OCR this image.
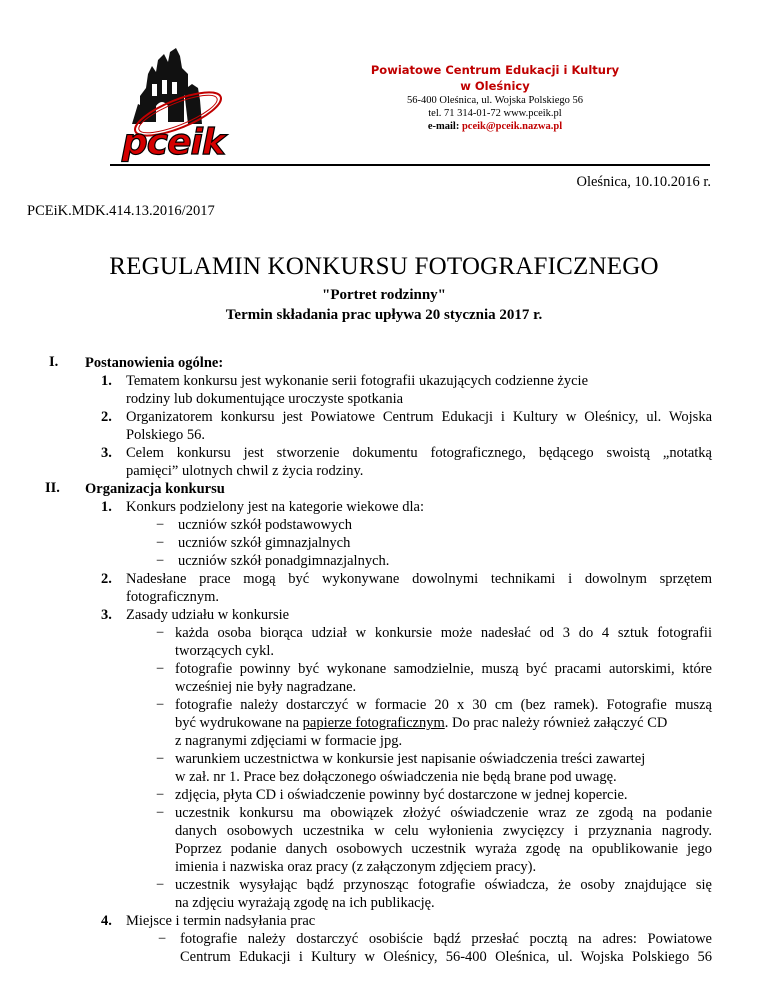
pceik
Powiatowe Centrum Edukacji i Kultury
w Oleśnicy
56-400 Oleśnica, ul. Wojska Polskiego 56
tel. 71 314-01-72 www.pceik.pl
e-mail: pceik@pceik.nazwa.pl
Oleśnica, 10.10.2016 r.
PCEiK.MDK.414.13.2016/2017
REGULAMIN KONKURSU FOTOGRAFICZNEGO
"Portret rodzinny"
Termin składania prac upływa 20 stycznia 2017 r.
I. Postanowienia ogólne:
1. Tematem konkursu jest wykonanie serii fotografii ukazujących codzienne życie
rodziny lub dokumentujące uroczyste spotkania
2. Organizatorem konkursu jest Powiatowe Centrum Edukacji i Kultury w Oleśnicy, ul. Wojska
Polskiego 56.
3. Celem konkursu jest stworzenie dokumentu fotograficznego, będącego swoistą „notatką
pamięci” ulotnych chwil z życia rodziny.
II. Organizacja konkursu
1. Konkurs podzielony jest na kategorie wiekowe dla:
− uczniów szkół podstawowych
− uczniów szkół gimnazjalnych
− uczniów szkół ponadgimnazjalnych.
2. Nadesłane prace mogą być wykonywane dowolnymi technikami i dowolnym sprzętem
fotograficznym.
3. Zasady udziału w konkursie
− każda osoba biorąca udział w konkursie może nadesłać od 3 do 4 sztuk fotografii
tworzących cykl.
− fotografie powinny być wykonane samodzielnie, muszą być pracami autorskimi, które
wcześniej nie były nagradzane.
− fotografie należy dostarczyć w formacie 20 x 30 cm (bez ramek). Fotografie muszą
być wydrukowane na papierze fotograficznym. Do prac należy również załączyć CD
z nagranymi zdjęciami w formacie jpg.
− warunkiem uczestnictwa w konkursie jest napisanie oświadczenia treści zawartej
w zał. nr 1. Prace bez dołączonego oświadczenia nie będą brane pod uwagę.
− zdjęcia, płyta CD i oświadczenie powinny być dostarczone w jednej kopercie.
− uczestnik konkursu ma obowiązek złożyć oświadczenie wraz ze zgodą na podanie
danych osobowych uczestnika w celu wyłonienia zwycięzcy i przyznania nagrody.
Poprzez podanie danych osobowych uczestnik wyraża zgodę na opublikowanie jego
imienia i nazwiska oraz pracy (z załączonym zdjęciem pracy).
− uczestnik wysyłając bądź przynosząc fotografie oświadcza, że osoby znajdujące się
na zdjęciu wyrażają zgodę na ich publikację.
4. Miejsce i termin nadsyłania prac
− fotografie należy dostarczyć osobiście bądź przesłać pocztą na adres: Powiatowe
Centrum Edukacji i Kultury w Oleśnicy, 56-400 Oleśnica, ul. Wojska Polskiego 56
